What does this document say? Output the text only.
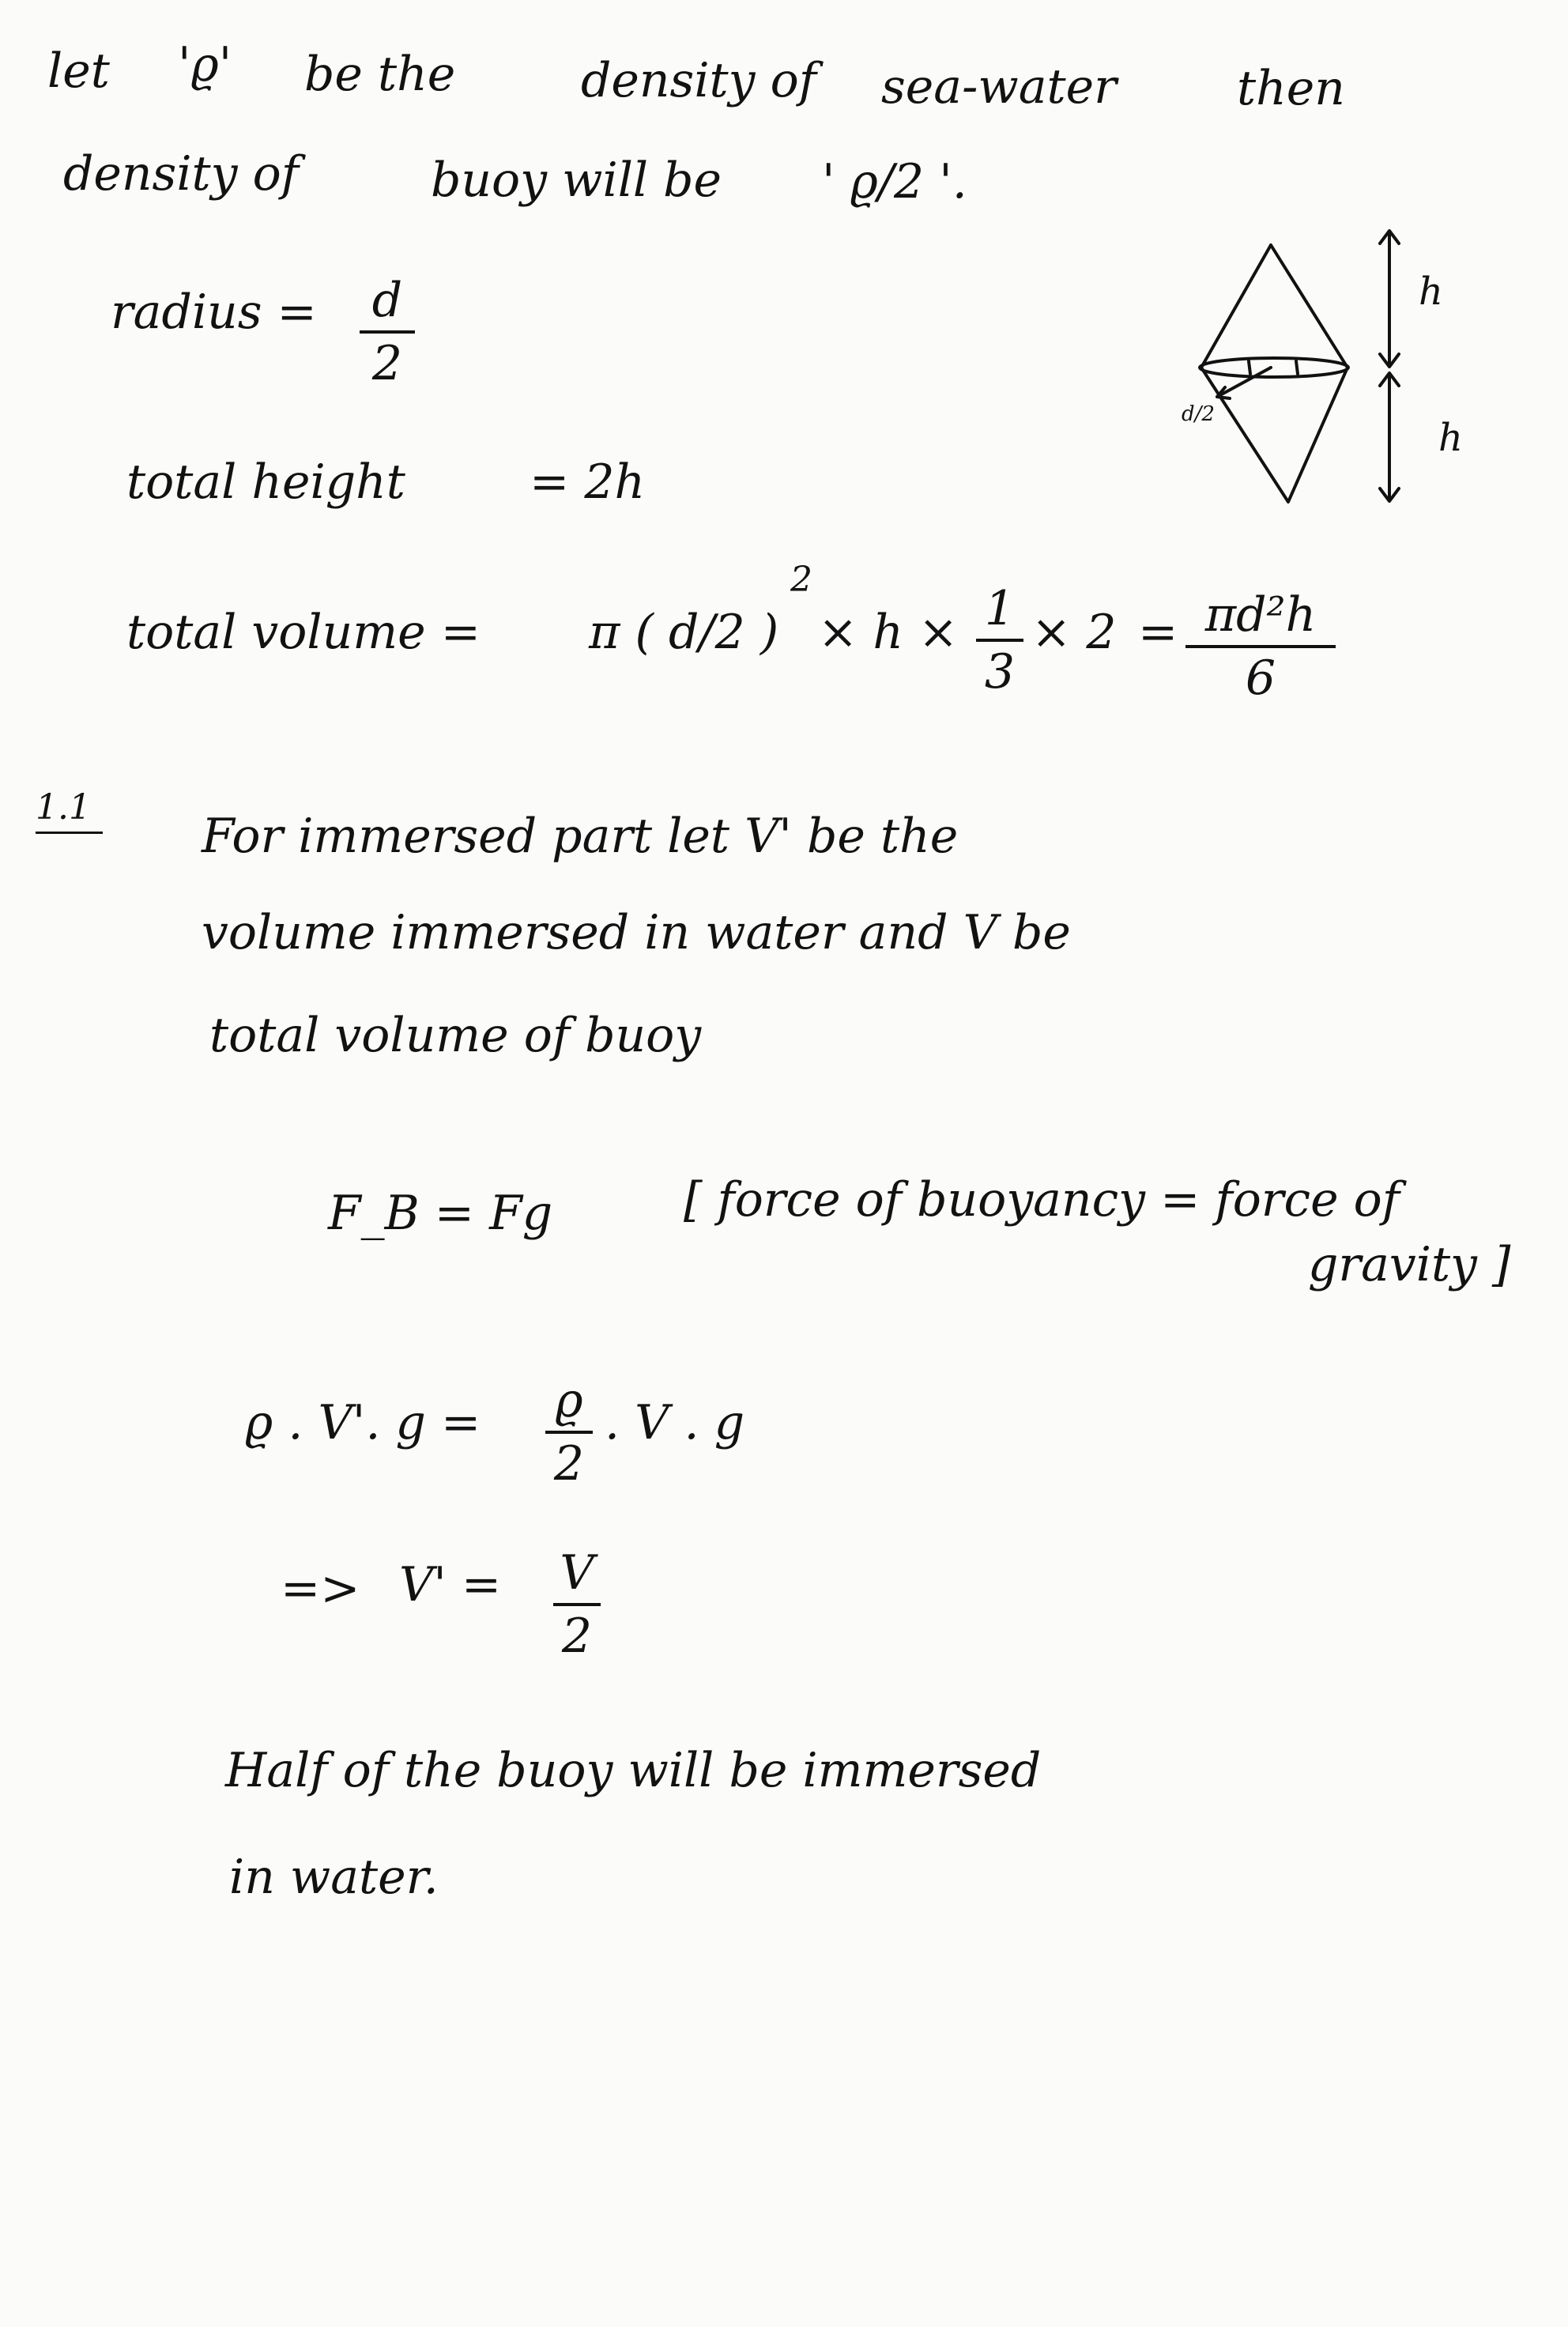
let 'ϱ' be the	density of sea-water	then
density of	buoy will be ' ϱ/2 '.
radius = d
2
total height	= 2h
total volume = π ( d/2 )
2
× h × 1
3
× 2 = πd²h
6
h
h
d/2
1.1
For immersed part let V' be the
volume immersed in water and V be
total volume of buoy
F_B = Fg	[ force of buoyancy = force of
gravity ]
ϱ . V'. g = ϱ
2
. V . g
=> V' = V
2
Half of the buoy will be immersed
in water.
